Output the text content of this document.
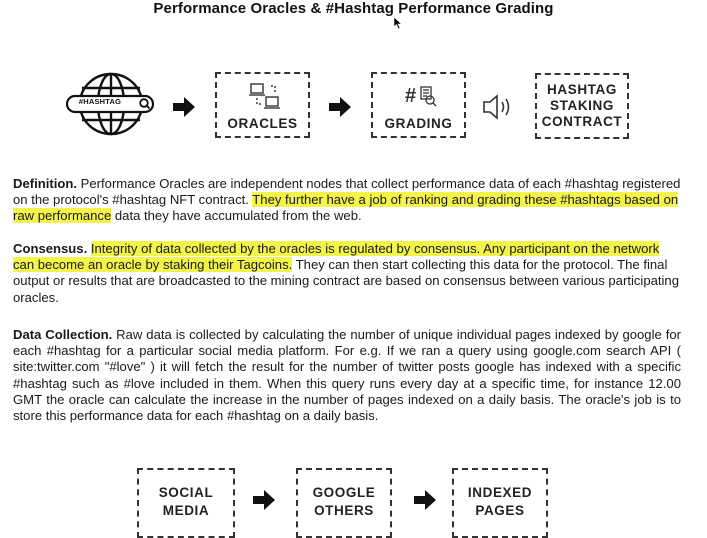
Performance Oracles & #Hashtag Performance Grading
#HASHTAG
ORACLES
#
GRADING
HASHTAG
STAKING
CONTRACT
Definition. Performance Oracles are independent nodes that collect performance data of each #hashtag registered on the protocol's #hashtag NFT contract. They further have a job of ranking and grading these #hashtags based on raw performance data they have accumulated from the web.
Consensus. Integrity of data collected by the oracles is regulated by consensus. Any participant on the network can become an oracle by staking their Tagcoins. They can then start collecting this data for the protocol. The final output or results that are broadcasted to the mining contract are based on consensus between various participating oracles.
Data Collection. Raw data is collected by calculating the number of unique individual pages indexed by google for each #hashtag for a particular social media platform. For e.g. If we ran a query using google.com search API ( site:twitter.com "#love" ) it will fetch the result for the number of twitter posts google has indexed with a specific #hashtag such as #love included in them. When this query runs every day at a specific time, for instance 12.00 GMT the oracle can calculate the increase in the number of pages indexed on a daily basis. The oracle's job is to store this performance data for each #hashtag on a daily basis.
SOCIAL
MEDIA
GOOGLE
OTHERS
INDEXED
PAGES
